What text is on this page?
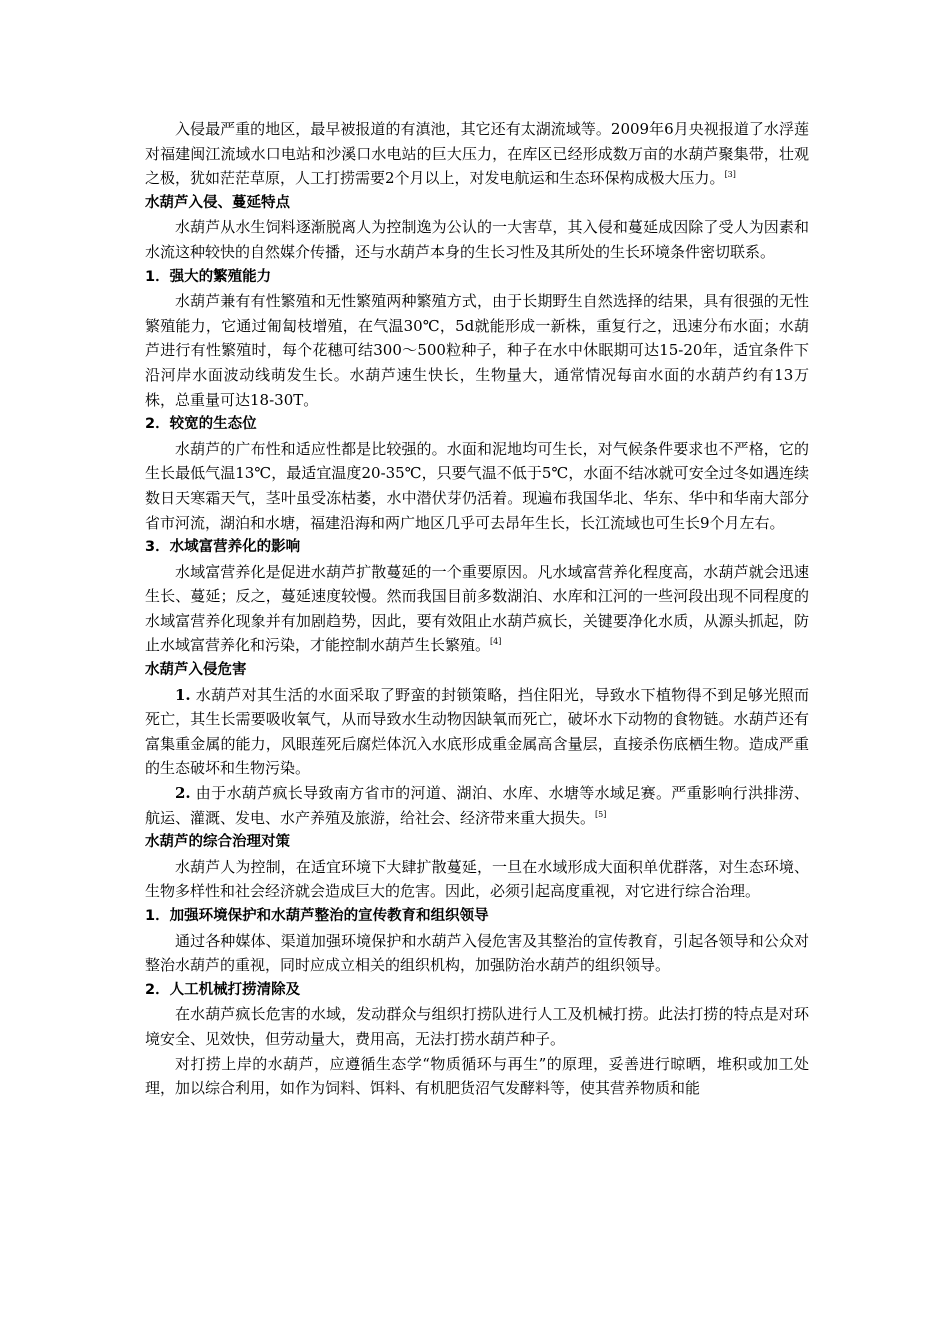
入侵最严重的地区，最早被报道的有滇池，其它还有太湖流域等。2009年6月央视报道了水浮莲对福建闽江流域水口电站和沙溪口水电站的巨大压力，在库区已经形成数万亩的水葫芦聚集带，壮观之极，犹如茫茫草原，人工打捞需要2个月以上，对发电航运和生态环保构成极大压力。[3]

水葫芦入侵、蔓延特点

水葫芦从水生饲料逐渐脱离人为控制逸为公认的一大害草，其入侵和蔓延成因除了受人为因素和水流这种较快的自然媒介传播，还与水葫芦本身的生长习性及其所处的生长环境条件密切联系。

1．强大的繁殖能力

水葫芦兼有有性繁殖和无性繁殖两种繁殖方式，由于长期野生自然选择的结果，具有很强的无性繁殖能力，它通过匍匐枝增殖，在气温30℃，5d就能形成一新株，重复行之，迅速分布水面；水葫芦进行有性繁殖时，每个花穗可结300～500粒种子，种子在水中休眠期可达15-20年，适宜条件下沿河岸水面波动线萌发生长。水葫芦速生快长，生物量大，通常情况每亩水面的水葫芦约有13万株，总重量可达18-30T。

2．较宽的生态位

水葫芦的广布性和适应性都是比较强的。水面和泥地均可生长，对气候条件要求也不严格，它的生长最低气温13℃，最适宜温度20-35℃，只要气温不低于5℃，水面不结冰就可安全过冬如遇连续数日天寒霜天气，茎叶虽受冻枯萎，水中潜伏芽仍活着。现遍布我国华北、华东、华中和华南大部分省市河流，湖泊和水塘，福建沿海和两广地区几乎可去昂年生长，长江流域也可生长9个月左右。

3．水域富营养化的影响

水域富营养化是促进水葫芦扩散蔓延的一个重要原因。凡水域富营养化程度高，水葫芦就会迅速生长、蔓延；反之，蔓延速度较慢。然而我国目前多数湖泊、水库和江河的一些河段出现不同程度的水域富营养化现象并有加剧趋势，因此，要有效阻止水葫芦疯长，关键要净化水质，从源头抓起，防止水域富营养化和污染，才能控制水葫芦生长繁殖。[4]

水葫芦入侵危害

1. 水葫芦对其生活的水面采取了野蛮的封锁策略，挡住阳光，导致水下植物得不到足够光照而死亡，其生长需要吸收氧气，从而导致水生动物因缺氧而死亡，破坏水下动物的食物链。水葫芦还有富集重金属的能力，风眼莲死后腐烂体沉入水底形成重金属高含量层，直接杀伤底栖生物。造成严重的生态破坏和生物污染。

2. 由于水葫芦疯长导致南方省市的河道、湖泊、水库、水塘等水域足赛。严重影响行洪排涝、航运、灌溉、发电、水产养殖及旅游，给社会、经济带来重大损失。[5]

水葫芦的综合治理对策

水葫芦人为控制，在适宜环境下大肆扩散蔓延，一旦在水域形成大面积单优群落，对生态环境、生物多样性和社会经济就会造成巨大的危害。因此，必须引起高度重视，对它进行综合治理。

1．加强环境保护和水葫芦整治的宣传教育和组织领导

通过各种媒体、渠道加强环境保护和水葫芦入侵危害及其整治的宣传教育，引起各领导和公众对整治水葫芦的重视，同时应成立相关的组织机构，加强防治水葫芦的组织领导。

2．人工机械打捞清除及

在水葫芦疯长危害的水域，发动群众与组织打捞队进行人工及机械打捞。此法打捞的特点是对环境安全、见效快，但劳动量大，费用高，无法打捞水葫芦种子。

对打捞上岸的水葫芦，应遵循生态学“物质循环与再生”的原理，妥善进行晾晒，堆积或加工处理，加以综合利用，如作为饲料、饵料、有机肥货沼气发酵料等，使其营养物质和能
